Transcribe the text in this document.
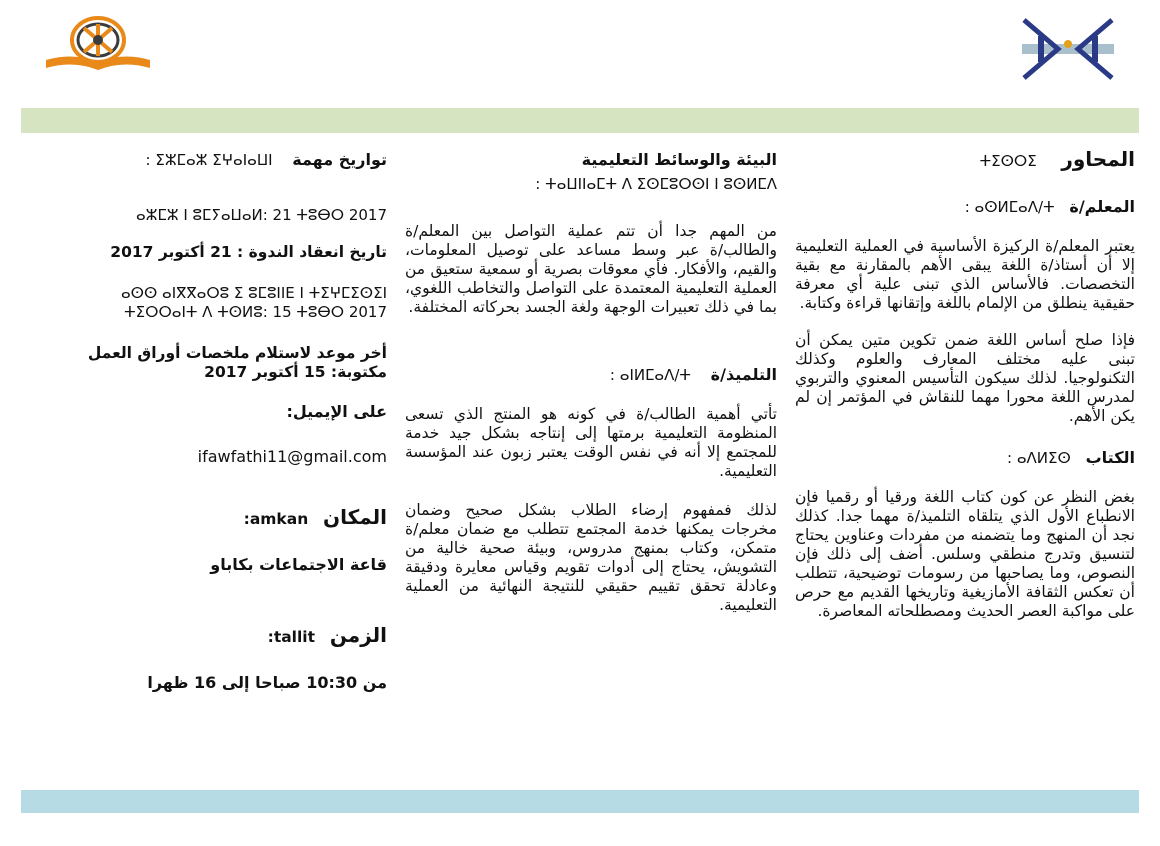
المحاور     ⵜⵉⵙⵔⵉ
المعلم/ة   ⴰⵙⵍⵎⴰⴷ/ⵜ :

يعتبر المعلم/ة الركيزة الأساسية في العملية التعليمية إلا أن أستاذ/ة اللغة يبقى الأهم بالمقارنة مع بقية التخصصات. فالأساس الذي تبنى علية أي معرفة حقيقية ينطلق من الإلمام باللغة وإتقانها قراءة وكتابة.

فإذا صلح أساس اللغة ضمن تكوين متين يمكن أن تبنى عليه مختلف المعارف والعلوم وكذلك التكنولوجيا. لذلك سيكون التأسيس المعنوي والتربوي لمدرس اللغة محورا مهما للنقاش في المؤتمر إن لم يكن الأهم.

الكتاب   ⴰⴷⵍⵉⵙ :

بغض النظر عن كون كتاب اللغة ورقيا أو رقميا فإن الانطباع الأول الذي يتلقاه التلميذ/ة مهما جدا. كذلك نجد أن المنهج وما يتضمنه من مفردات وعناوين يحتاج لتنسيق وتدرج منطقي وسلس. أضف إلى ذلك فإن النصوص، وما يصاحبها من رسومات توضيحية، تتطلب أن تعكس الثقافة الأمازيغية وتاريخها القديم مع حرص على مواكبة العصر الحديث ومصطلحاته المعاصرة.

البيئة والوسائط التعليمية
ⵜⴰⵡⵏⵏⴰⵎⵜ ⴷ ⵉⵙⵎⵓⵔⵙⵏ ⵏ ⵓⵙⵍⵎⴷ :

من المهم جدا أن تتم عملية التواصل بين المعلم/ة والطالب/ة عبر وسط مساعد على توصيل المعلومات، والقيم، والأفكار. فأي معوقات بصرية أو سمعية ستعيق من العملية التعليمية المعتمدة على التواصل والتخاطب اللغوي، بما في ذلك تعبيرات الوجهة ولغة الجسد بحركاته المختلفة.

التلميذ/ة    ⴰⵏⵍⵎⴰⴷ/ⵜ :

تأتي أهمية الطالب/ة في كونه هو المنتج الذي تسعى المنظومة التعليمية برمتها إلى إنتاجه بشكل جيد خدمة للمجتمع إلا أنه في نفس الوقت يعتبر زبون عند المؤسسة التعليمية.

لذلك فمفهوم إرضاء الطلاب بشكل صحيح وضمان مخرجات يمكنها خدمة المجتمع تتطلب مع ضمان معلم/ة متمكن، وكتاب بمنهج مدروس، وبيئة صحية خالية من التشويش، يحتاج إلى أدوات تقويم وقياس معايرة ودقيقة وعادلة تحقق تقييم حقيقي للنتيجة النهائية من العملية التعليمية.

تواريخ مهمة    ⵉⵣⵎⴰⵣ ⵉⵖⴰⵏⴰⵡⵏ :
ⴰⵣⵎⵣ ⵏ ⵓⵎⵢⴰⵡⴰⵍ: 21 ⵜⵓⴱⵔ 2017
تاريخ انعقاد الندوة : 21 أكتوبر 2017
ⴰⵙⵙ ⴰⵏⴳⴳⴰⵔⵓ ⵉ ⵓⵎⵓⵏⵏⴹ ⵏ ⵜⵉⵖⵎⵉⵙⵉⵏ
ⵜⵉⵔⵔⴰⵏⵜ ⴷ ⵜⵙⵍⵓ: 15 ⵜⵓⴱⵔ 2017
أخر موعد لاستلام ملخصات أوراق العمل مكتوبة: 15 أكتوبر 2017
على الإيميل:
ifawfathi11@gmail.com
المكان   amkan:
قاعة الاجتماعات بكاباو
الزمن   tallit:
من 10:30 صباحا إلى 16 ظهرا
